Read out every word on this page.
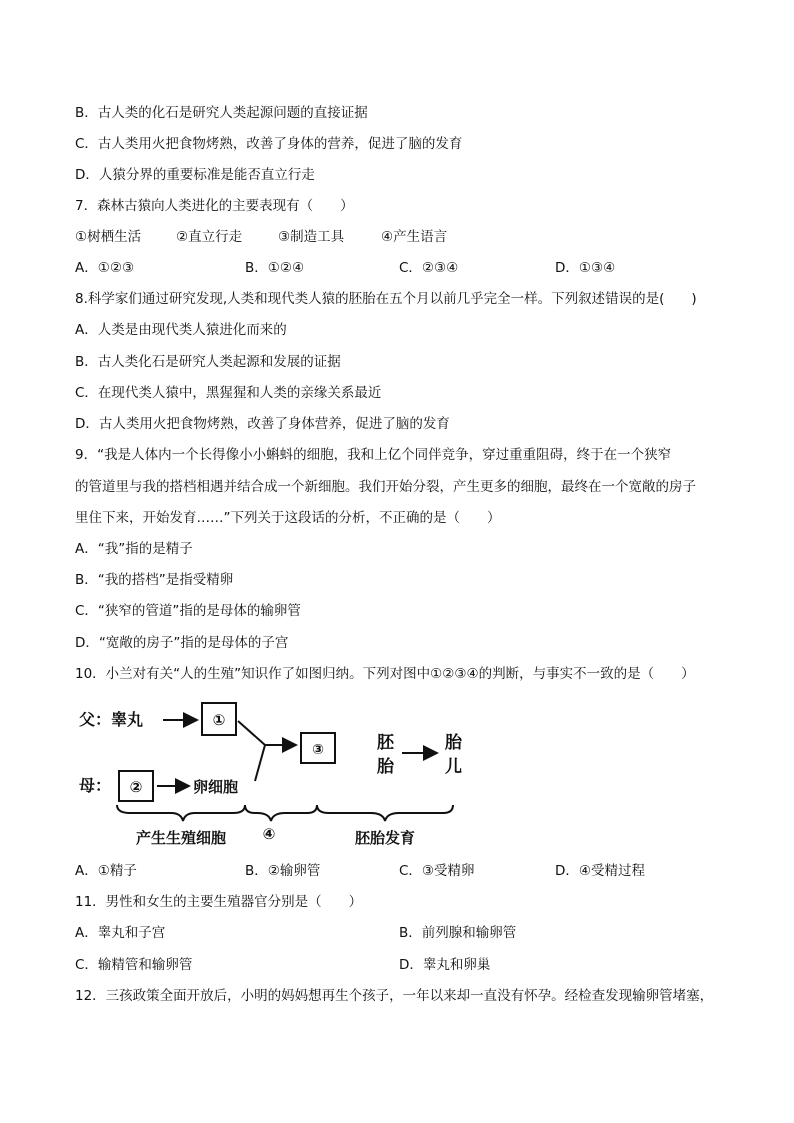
B．古人类的化石是研究人类起源问题的直接证据
C．古人类用火把食物烤熟，改善了身体的营养，促进了脑的发育
D．人猿分界的重要标准是能否直立行走
7．森林古猿向人类进化的主要表现有（　　）
①树栖生活	②直立行走	③制造工具	④产生语言
A．①②③	B．①②④	C．②③④	D．①③④
8.科学家们通过研究发现,人类和现代类人猿的胚胎在五个月以前几乎完全一样。下列叙述错误的是(　　)
A．人类是由现代类人猿进化而来的
B．古人类化石是研究人类起源和发展的证据
C．在现代类人猿中，黑猩猩和人类的亲缘关系最近
D．古人类用火把食物烤熟，改善了身体营养，促进了脑的发育
9．“我是人体内一个长得像小小蝌蚪的细胞，我和上亿个同伴竞争，穿过重重阻碍，终于在一个狭窄
的管道里与我的搭档相遇并结合成一个新细胞。我们开始分裂，产生更多的细胞，最终在一个宽敞的房子
里住下来，开始发育……”下列关于这段话的分析，不正确的是（　　）
A．“我”指的是精子
B．“我的搭档”是指受精卵
C．“狭窄的管道”指的是母体的输卵管
D．“宽敞的房子”指的是母体的子宫
10．小兰对有关“人的生殖”知识作了如图归纳。下列对图中①②③④的判断，与事实不一致的是（　　）
父：睾丸	①
③	胚
胎
胎
儿
母： ②	卵细胞
产生生殖细胞 ④	胚胎发育
A．①精子	B．②输卵管	C．③受精卵	D．④受精过程
11．男性和女生的主要生殖器官分别是（　　）
A．睾丸和子宫	B．前列腺和输卵管
C．输精管和输卵管	D．睾丸和卵巢
12．三孩政策全面开放后，小明的妈妈想再生个孩子，一年以来却一直没有怀孕。经检查发现输卵管堵塞，
